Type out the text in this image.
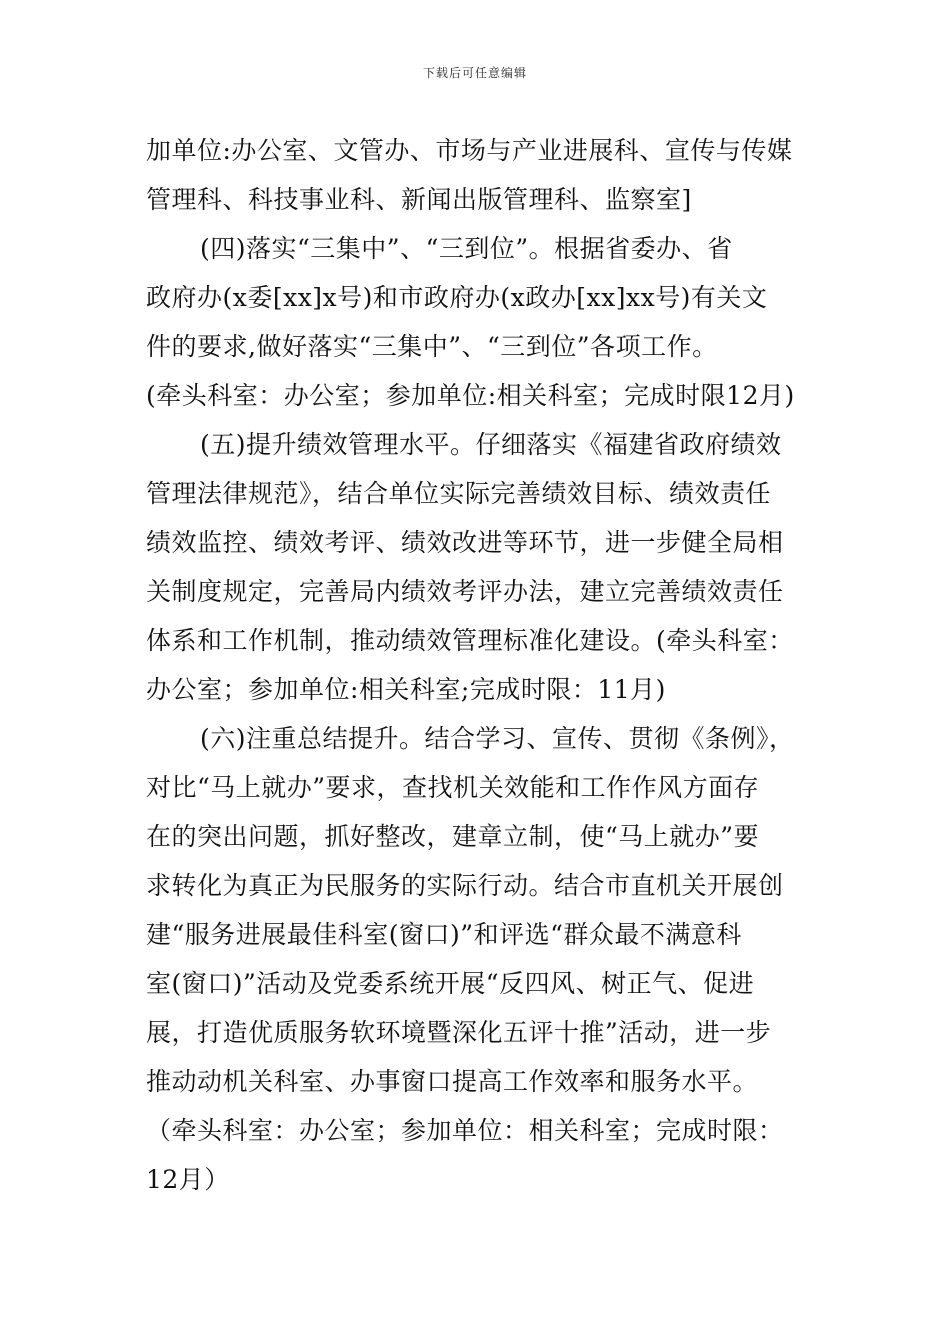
下载后可任意编辑
加单位:办公室、文管办、市场与产业进展科、宣传与传媒
管理科、科技事业科、新闻出版管理科、监察室]
(四)落实“三集中”、“三到位”。根据省委办、省
政府办(x委[xx]x号)和市政府办(x政办[xx]xx号)有关文
件的要求,做好落实“三集中”、“三到位”各项工作。
(牵头科室：办公室；参加单位:相关科室；完成时限12月)
(五)提升绩效管理水平。仔细落实《福建省政府绩效
管理法律规范》，结合单位实际完善绩效目标、绩效责任
绩效监控、绩效考评、绩效改进等环节，进一步健全局相
关制度规定，完善局内绩效考评办法，建立完善绩效责任
体系和工作机制，推动绩效管理标准化建设。(牵头科室：
办公室；参加单位:相关科室;完成时限：11月)
(六)注重总结提升。结合学习、宣传、贯彻《条例》，
对比“马上就办”要求，查找机关效能和工作作风方面存
在的突出问题，抓好整改，建章立制，使“马上就办”要
求转化为真正为民服务的实际行动。结合市直机关开展创
建“服务进展最佳科室(窗口)”和评选“群众最不满意科
室(窗口)”活动及党委系统开展“反四风、树正气、促进
展，打造优质服务软环境暨深化五评十推”活动，进一步
推动动机关科室、办事窗口提高工作效率和服务水平。
（牵头科室：办公室；参加单位：相关科室；完成时限：
12月）
